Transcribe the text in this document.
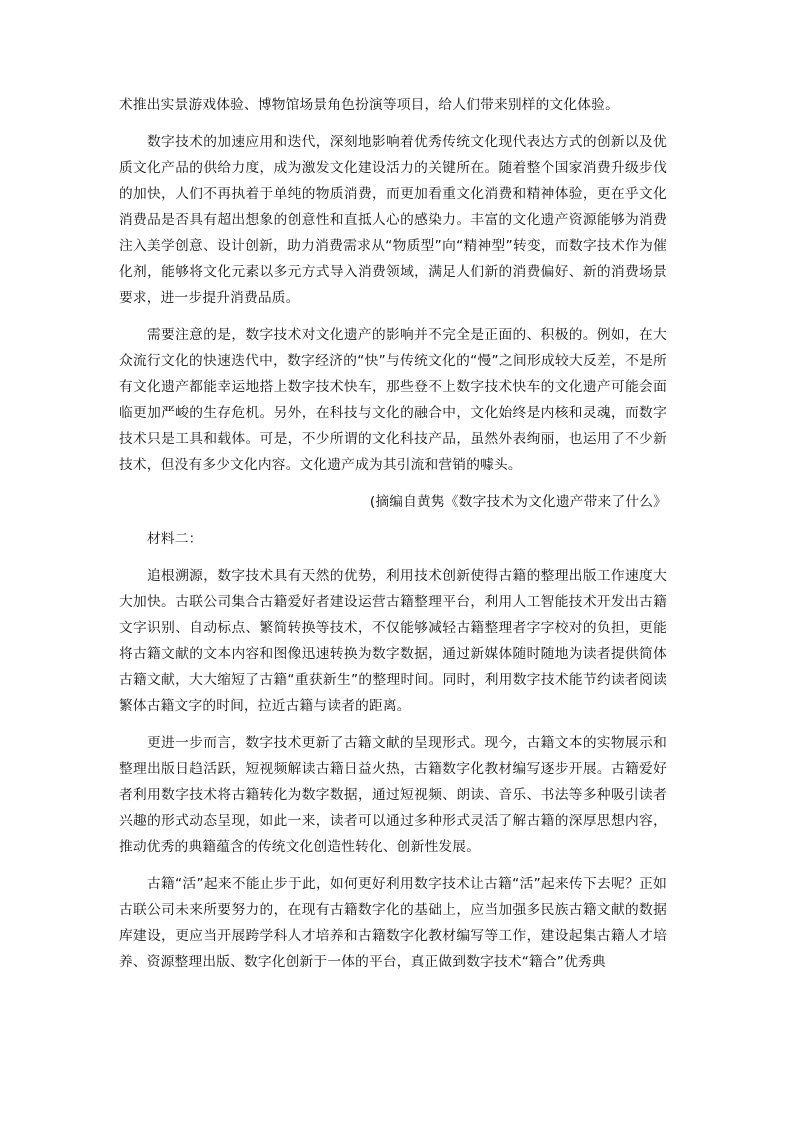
术推出实景游戏体验、博物馆场景角色扮演等项目，给人们带来别样的文化体验。

数字技术的加速应用和迭代，深刻地影响着优秀传统文化现代表达方式的创新以及优质文化产品的供给力度，成为激发文化建设活力的关键所在。随着整个国家消费升级步伐的加快，人们不再执着于单纯的物质消费，而更加看重文化消费和精神体验，更在乎文化消费品是否具有超出想象的创意性和直抵人心的感染力。丰富的文化遗产资源能够为消费注入美学创意、设计创新，助力消费需求从“物质型”向“精神型”转变，而数字技术作为催化剂，能够将文化元素以多元方式导入消费领域，满足人们新的消费偏好、新的消费场景要求，进一步提升消费品质。

需要注意的是，数字技术对文化遗产的影响并不完全是正面的、积极的。例如，在大众流行文化的快速迭代中，数字经济的“快”与传统文化的“慢”之间形成较大反差，不是所有文化遗产都能幸运地搭上数字技术快车，那些登不上数字技术快车的文化遗产可能会面临更加严峻的生存危机。另外，在科技与文化的融合中，文化始终是内核和灵魂，而数字技术只是工具和载体。可是，不少所谓的文化科技产品，虽然外表绚丽，也运用了不少新技术，但没有多少文化内容。文化遗产成为其引流和营销的噱头。

(摘编自黄隽《数字技术为文化遗产带来了什么》

材料二：

追根溯源，数字技术具有天然的优势，利用技术创新使得古籍的整理出版工作速度大大加快。古联公司集合古籍爱好者建设运营古籍整理平台，利用人工智能技术开发出古籍文字识别、自动标点、繁简转换等技术，不仅能够减轻古籍整理者字字校对的负担，更能将古籍文献的文本内容和图像迅速转换为数字数据，通过新媒体随时随地为读者提供简体古籍文献，大大缩短了古籍“重获新生”的整理时间。同时，利用数字技术能节约读者阅读繁体古籍文字的时间，拉近古籍与读者的距离。

更进一步而言，数字技术更新了古籍文献的呈现形式。现今，古籍文本的实物展示和整理出版日趋活跃，短视频解读古籍日益火热，古籍数字化教材编写逐步开展。古籍爱好者利用数字技术将古籍转化为数字数据，通过短视频、朗读、音乐、书法等多种吸引读者兴趣的形式动态呈现，如此一来，读者可以通过多种形式灵活了解古籍的深厚思想内容，推动优秀的典籍蕴含的传统文化创造性转化、创新性发展。

古籍“活”起来不能止步于此，如何更好利用数字技术让古籍“活”起来传下去呢？正如古联公司未来所要努力的，在现有古籍数字化的基础上，应当加强多民族古籍文献的数据库建设，更应当开展跨学科人才培养和古籍数字化教材编写等工作，建设起集古籍人才培养、资源整理出版、数字化创新于一体的平台，真正做到数字技术“籍合”优秀典
